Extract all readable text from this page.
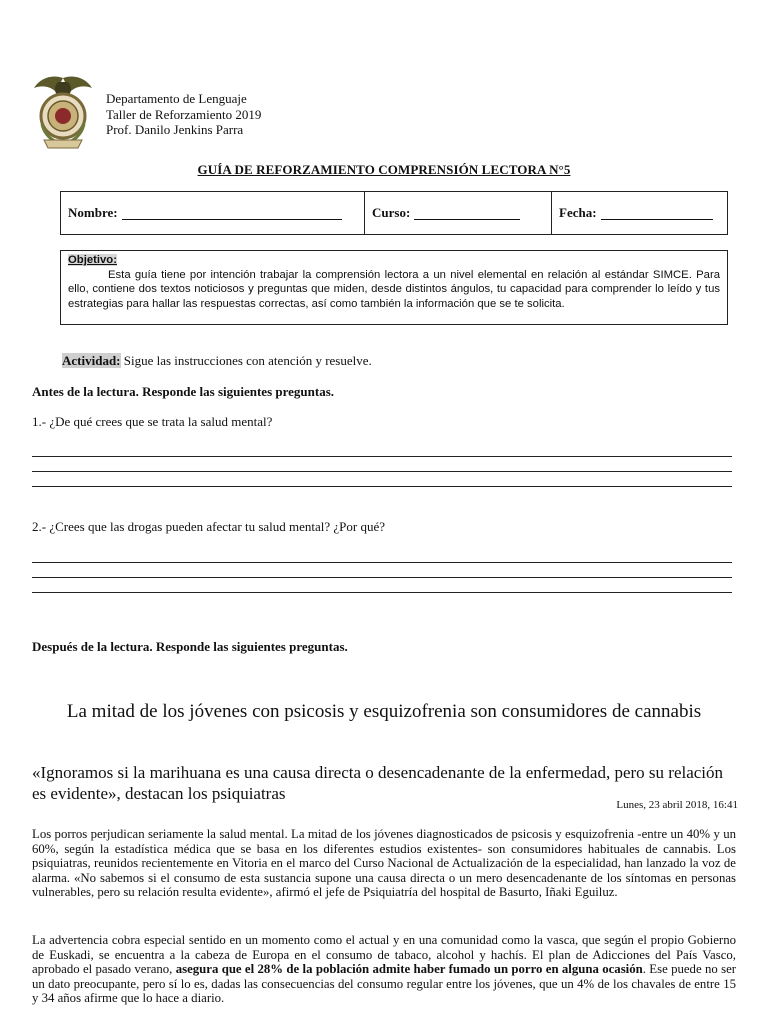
Departamento de Lenguaje
Taller de Reforzamiento 2019
Prof. Danilo Jenkins Parra
GUÍA DE REFORZAMIENTO COMPRENSIÓN LECTORA N°5
Nombre:	Curso:	Fecha:
Objetivo:
Esta guía tiene por intención trabajar la comprensión lectora a un nivel elemental en relación al estándar SIMCE. Para ello, contiene dos textos noticiosos y preguntas que miden, desde distintos ángulos, tu capacidad para comprender lo leído y tus estrategias para hallar las respuestas correctas, así como también la información que se te solicita.
Actividad: Sigue las instrucciones con atención y resuelve.
Antes de la lectura. Responde las siguientes preguntas.
1.- ¿De qué crees que se trata la salud mental?
2.- ¿Crees que las drogas pueden afectar tu salud mental? ¿Por qué?
Después de la lectura. Responde las siguientes preguntas.
La mitad de los jóvenes con psicosis y esquizofrenia son consumidores de cannabis
«Ignoramos si la marihuana es una causa directa o desencadenante de la enfermedad, pero su relación es evidente», destacan los psiquiatras
Lunes, 23 abril 2018, 16:41
Los porros perjudican seriamente la salud mental. La mitad de los jóvenes diagnosticados de psicosis y esquizofrenia -entre un 40% y un 60%, según la estadística médica que se basa en los diferentes estudios existentes- son consumidores habituales de cannabis. Los psiquiatras, reunidos recientemente en Vitoria en el marco del Curso Nacional de Actualización de la especialidad, han lanzado la voz de alarma. «No sabemos si el consumo de esta sustancia supone una causa directa o un mero desencadenante de los síntomas en personas vulnerables, pero su relación resulta evidente», afirmó el jefe de Psiquiatría del hospital de Basurto, Iñaki Eguiluz.
La advertencia cobra especial sentido en un momento como el actual y en una comunidad como la vasca, que según el propio Gobierno de Euskadi, se encuentra a la cabeza de Europa en el consumo de tabaco, alcohol y hachís. El plan de Adicciones del País Vasco, aprobado el pasado verano, asegura que el 28% de la población admite haber fumado un porro en alguna ocasión. Ese puede no ser un dato preocupante, pero sí lo es, dadas las consecuencias del consumo regular entre los jóvenes, que un 4% de los chavales de entre 15 y 34 años afirme que lo hace a diario.
